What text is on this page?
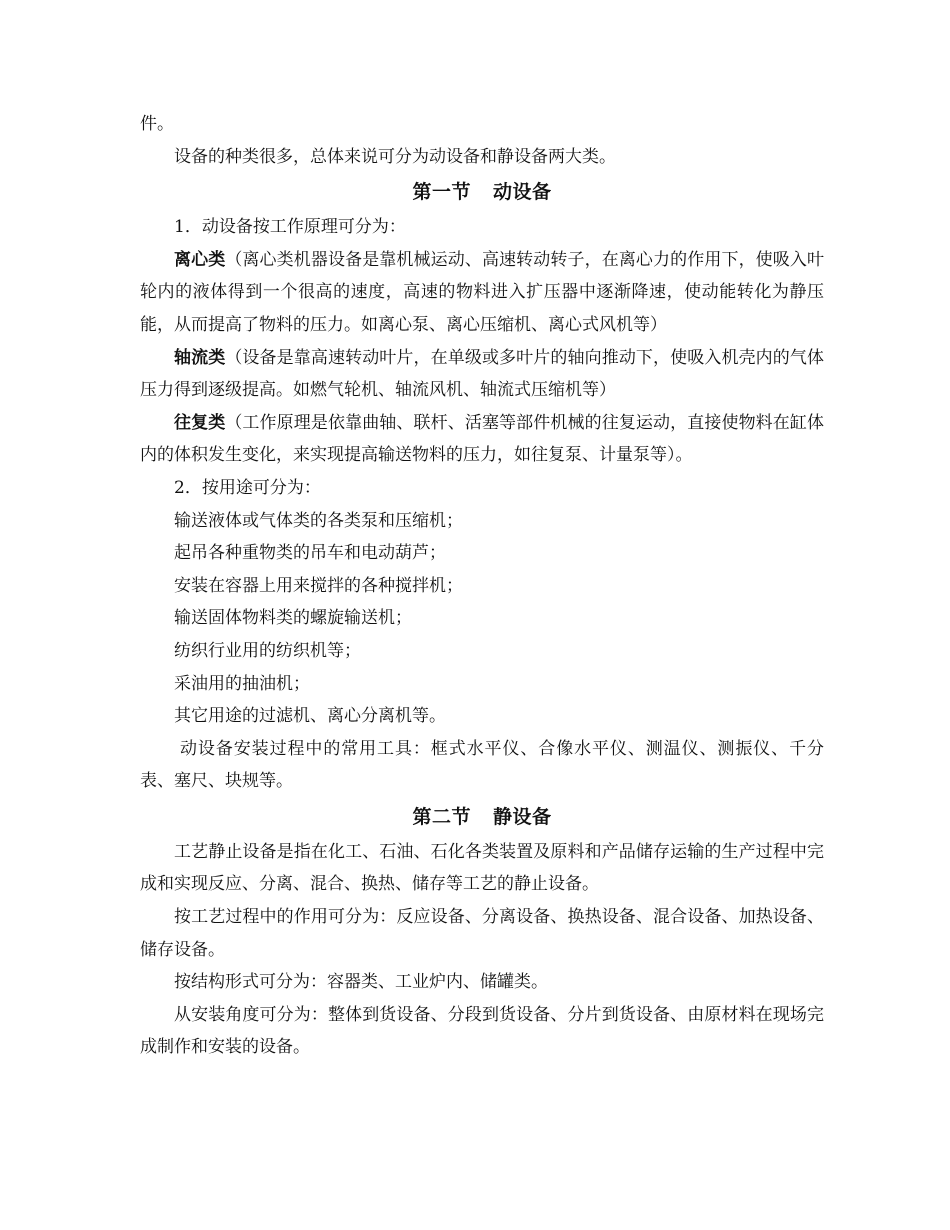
件。

设备的种类很多，总体来说可分为动设备和静设备两大类。

第一节 动设备

1．动设备按工作原理可分为：

离心类（离心类机器设备是靠机械运动、高速转动转子，在离心力的作用下，使吸入叶轮内的液体得到一个很高的速度，高速的物料进入扩压器中逐渐降速，使动能转化为静压能，从而提高了物料的压力。如离心泵、离心压缩机、离心式风机等）

轴流类（设备是靠高速转动叶片，在单级或多叶片的轴向推动下，使吸入机壳内的气体压力得到逐级提高。如燃气轮机、轴流风机、轴流式压缩机等）

往复类（工作原理是依靠曲轴、联杆、活塞等部件机械的往复运动，直接使物料在缸体内的体积发生变化，来实现提高输送物料的压力，如往复泵、计量泵等）。

2．按用途可分为：

输送液体或气体类的各类泵和压缩机；

起吊各种重物类的吊车和电动葫芦；

安装在容器上用来搅拌的各种搅拌机；

输送固体物料类的螺旋输送机；

纺织行业用的纺织机等；

采油用的抽油机；

其它用途的过滤机、离心分离机等。

动设备安装过程中的常用工具：框式水平仪、合像水平仪、测温仪、测振仪、千分表、塞尺、块规等。

第二节 静设备

工艺静止设备是指在化工、石油、石化各类装置及原料和产品储存运输的生产过程中完成和实现反应、分离、混合、换热、储存等工艺的静止设备。

按工艺过程中的作用可分为：反应设备、分离设备、换热设备、混合设备、加热设备、储存设备。

按结构形式可分为：容器类、工业炉内、储罐类。

从安装角度可分为：整体到货设备、分段到货设备、分片到货设备、由原材料在现场完成制作和安装的设备。
